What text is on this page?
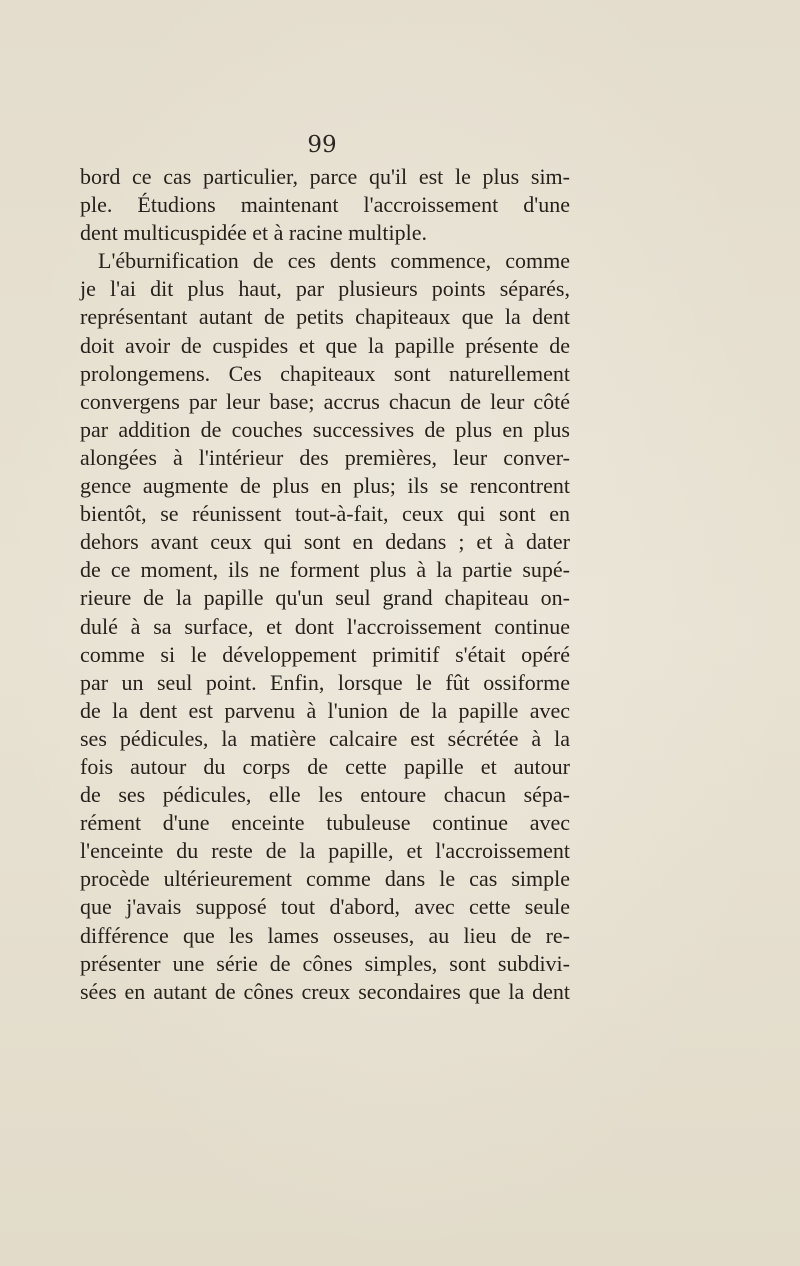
99
bord ce cas particulier, parce qu'il est le plus sim-
ple. Étudions maintenant l'accroissement d'une
dent multicuspidée et à racine multiple.
L'éburnification de ces dents commence, comme
je l'ai dit plus haut, par plusieurs points séparés,
représentant autant de petits chapiteaux que la dent
doit avoir de cuspides et que la papille présente de
prolongemens. Ces chapiteaux sont naturellement
convergens par leur base; accrus chacun de leur côté
par addition de couches successives de plus en plus
alongées à l'intérieur des premières, leur conver-
gence augmente de plus en plus; ils se rencontrent
bientôt, se réunissent tout-à-fait, ceux qui sont en
dehors avant ceux qui sont en dedans ; et à dater
de ce moment, ils ne forment plus à la partie supé-
rieure de la papille qu'un seul grand chapiteau on-
dulé à sa surface, et dont l'accroissement continue
comme si le développement primitif s'était opéré
par un seul point. Enfin, lorsque le fût ossiforme
de la dent est parvenu à l'union de la papille avec
ses pédicules, la matière calcaire est sécrétée à la
fois autour du corps de cette papille et autour
de ses pédicules, elle les entoure chacun sépa-
rément d'une enceinte tubuleuse continue avec
l'enceinte du reste de la papille, et l'accroissement
procède ultérieurement comme dans le cas simple
que j'avais supposé tout d'abord, avec cette seule
différence que les lames osseuses, au lieu de re-
présenter une série de cônes simples, sont subdivi-
sées en autant de cônes creux secondaires que la dent
